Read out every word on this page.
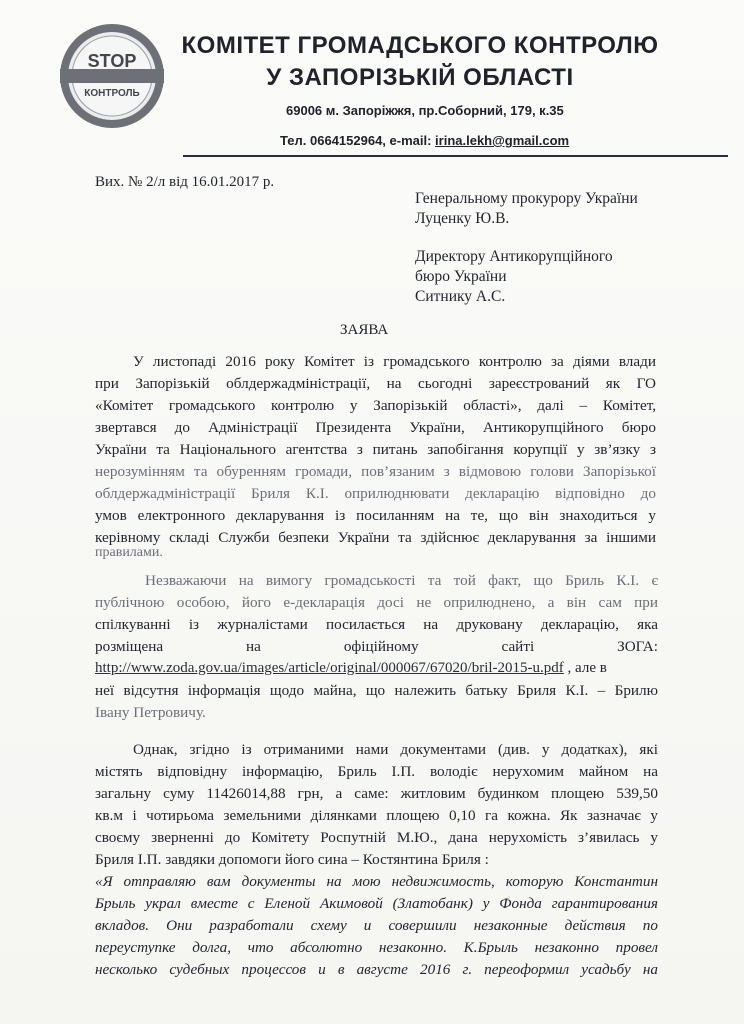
STOP
КОНТРОЛЬ
КОМІТЕТ ГРОМАДСЬКОГО КОНТРОЛЮ
У ЗАПОРІЗЬКІЙ ОБЛАСТІ
69006 м. Запоріжжя, пр.Соборний, 179, к.35
Тел. 0664152964, e-mail: irina.lekh@gmail.com
Вих. № 2/л від 16.01.2017 р.
Генеральному прокурору України
Луценку Ю.В.
Директору Антикорупційного
бюро України
Ситнику А.С.
ЗАЯВА
У листопаді 2016 року Комітет із громадського контролю за діями влади
при Запорізькій облдержадміністрації, на сьогодні зареєстрований як ГО
«Комітет громадського контролю у Запорізькій області», далі – Комітет,
звертався до Адміністрації Президента України, Антикорупційного бюро
України та Національного агентства з питань запобігання корупції у зв’язку з
нерозумінням та обуренням громади, пов’язаним з відмовою голови Запорізької
облдержадміністрації Бриля К.І. оприлюднювати декларацію відповідно до
умов електронного декларування із посиланням на те, що він знаходиться у
керівному складі Служби безпеки України та здійснює декларування за іншими
правилами.
Незважаючи на вимогу громадськості та той факт, що Бриль К.І. є
публічною особою, його е-декларація досі не оприлюднено, а він сам при
спілкуванні із журналістами посилається на друковану декларацію, яка
розміщена на офіційному сайті ЗОГА:
http://www.zoda.gov.ua/images/article/original/000067/67020/bril-2015-u.pdf , але в
неї відсутня інформація щодо майна, що належить батьку Бриля К.І. – Брилю
Івану Петровичу.
Однак, згідно із отриманими нами документами (див. у додатках), які
містять відповідну інформацію, Бриль І.П. володіє нерухомим майном на
загальну суму 11426014,88 грн, а саме: житловим будинком площею 539,50
кв.м і чотирьома земельними ділянками площею 0,10 га кожна. Як зазначає у
своєму зверненні до Комітету Роспутній М.Ю., дана нерухомість з’явилась у
Бриля І.П. завдяки допомоги його сина – Костянтина Бриля :
«Я отправляю вам документы на мою недвижимость, которую Константин
Брыль украл вместе с Еленой Акимовой (Златобанк) у Фонда гарантирования
вкладов. Они разработали схему и совершили незаконные действия по
переуступке долга, что абсолютно незаконно. К.Брыль незаконно провел
несколько судебных процессов и в августе 2016 г. переоформил усадьбу на
